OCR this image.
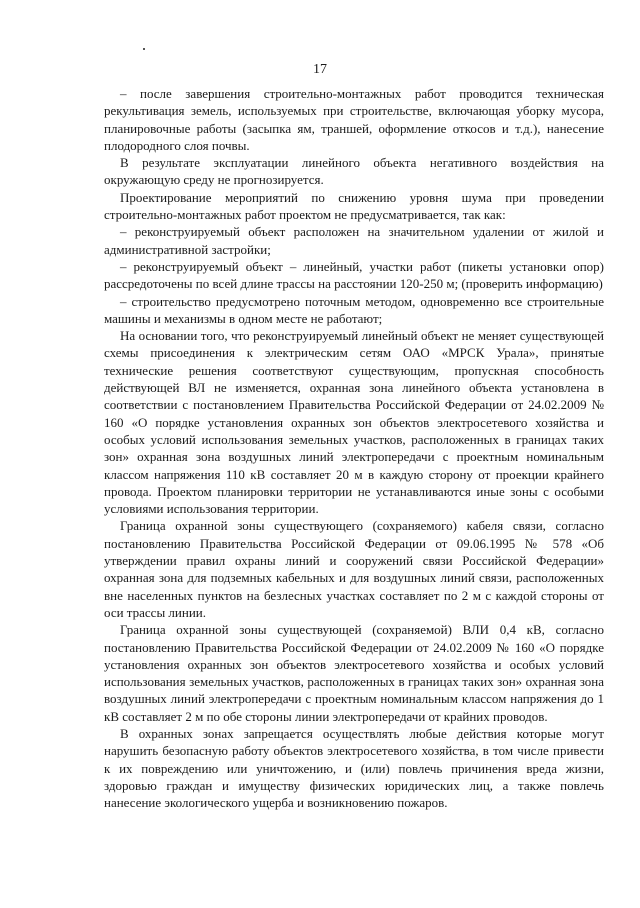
17

– после завершения строительно-монтажных работ проводится техническая рекультивация земель, используемых при строительстве, включающая уборку мусора, планировочные работы (засыпка ям, траншей, оформление откосов и т.д.), нанесение плодородного слоя почвы.

В результате эксплуатации линейного объекта негативного воздействия на окружающую среду не прогнозируется.

Проектирование мероприятий по снижению уровня шума при проведении строительно-монтажных работ проектом не предусматривается, так как:

– реконструируемый объект расположен на значительном удалении от жилой и административной застройки;

– реконструируемый объект – линейный, участки работ (пикеты установки опор) рассредоточены по всей длине трассы на расстоянии 120-250 м; (проверить информацию)

– строительство предусмотрено поточным методом, одновременно все строительные машины и механизмы в одном месте не работают;

На основании того, что реконструируемый линейный объект не меняет существующей схемы присоединения к электрическим сетям ОАО «МРСК Урала», принятые технические решения соответствуют существующим, пропускная способность действующей ВЛ не изменяется, охранная зона линейного объекта установлена в соответствии с постановлением Правительства Российской Федерации от 24.02.2009 № 160 «О порядке установления охранных зон объектов электросетевого хозяйства и особых условий использования земельных участков, расположенных в границах таких зон» охранная зона воздушных линий электропередачи с проектным номинальным классом напряжения 110 кВ составляет 20 м в каждую сторону от проекции крайнего провода. Проектом планировки территории не устанавливаются иные зоны с особыми условиями использования территории.

Граница охранной зоны существующего (сохраняемого) кабеля связи, согласно постановлению Правительства Российской Федерации от 09.06.1995 № 578 «Об утверждении правил охраны линий и сооружений связи Российской Федерации» охранная зона для подземных кабельных и для воздушных линий связи, расположенных вне населенных пунктов на безлесных участках составляет по 2 м с каждой стороны от оси трассы линии.

Граница охранной зоны существующей (сохраняемой) ВЛИ 0,4 кВ, согласно постановлению Правительства Российской Федерации от 24.02.2009 № 160 «О порядке установления охранных зон объектов электросетевого хозяйства и особых условий использования земельных участков, расположенных в границах таких зон» охранная зона воздушных линий электропередачи с проектным номинальным классом напряжения до 1 кВ составляет 2 м по обе стороны линии электропередачи от крайних проводов.

В охранных зонах запрещается осуществлять любые действия которые могут нарушить безопасную работу объектов электросетевого хозяйства, в том числе привести к их повреждению или уничтожению, и (или) повлечь причинения вреда жизни, здоровью граждан и имуществу физических юридических лиц, а также повлечь нанесение экологического ущерба и возникновению пожаров.
